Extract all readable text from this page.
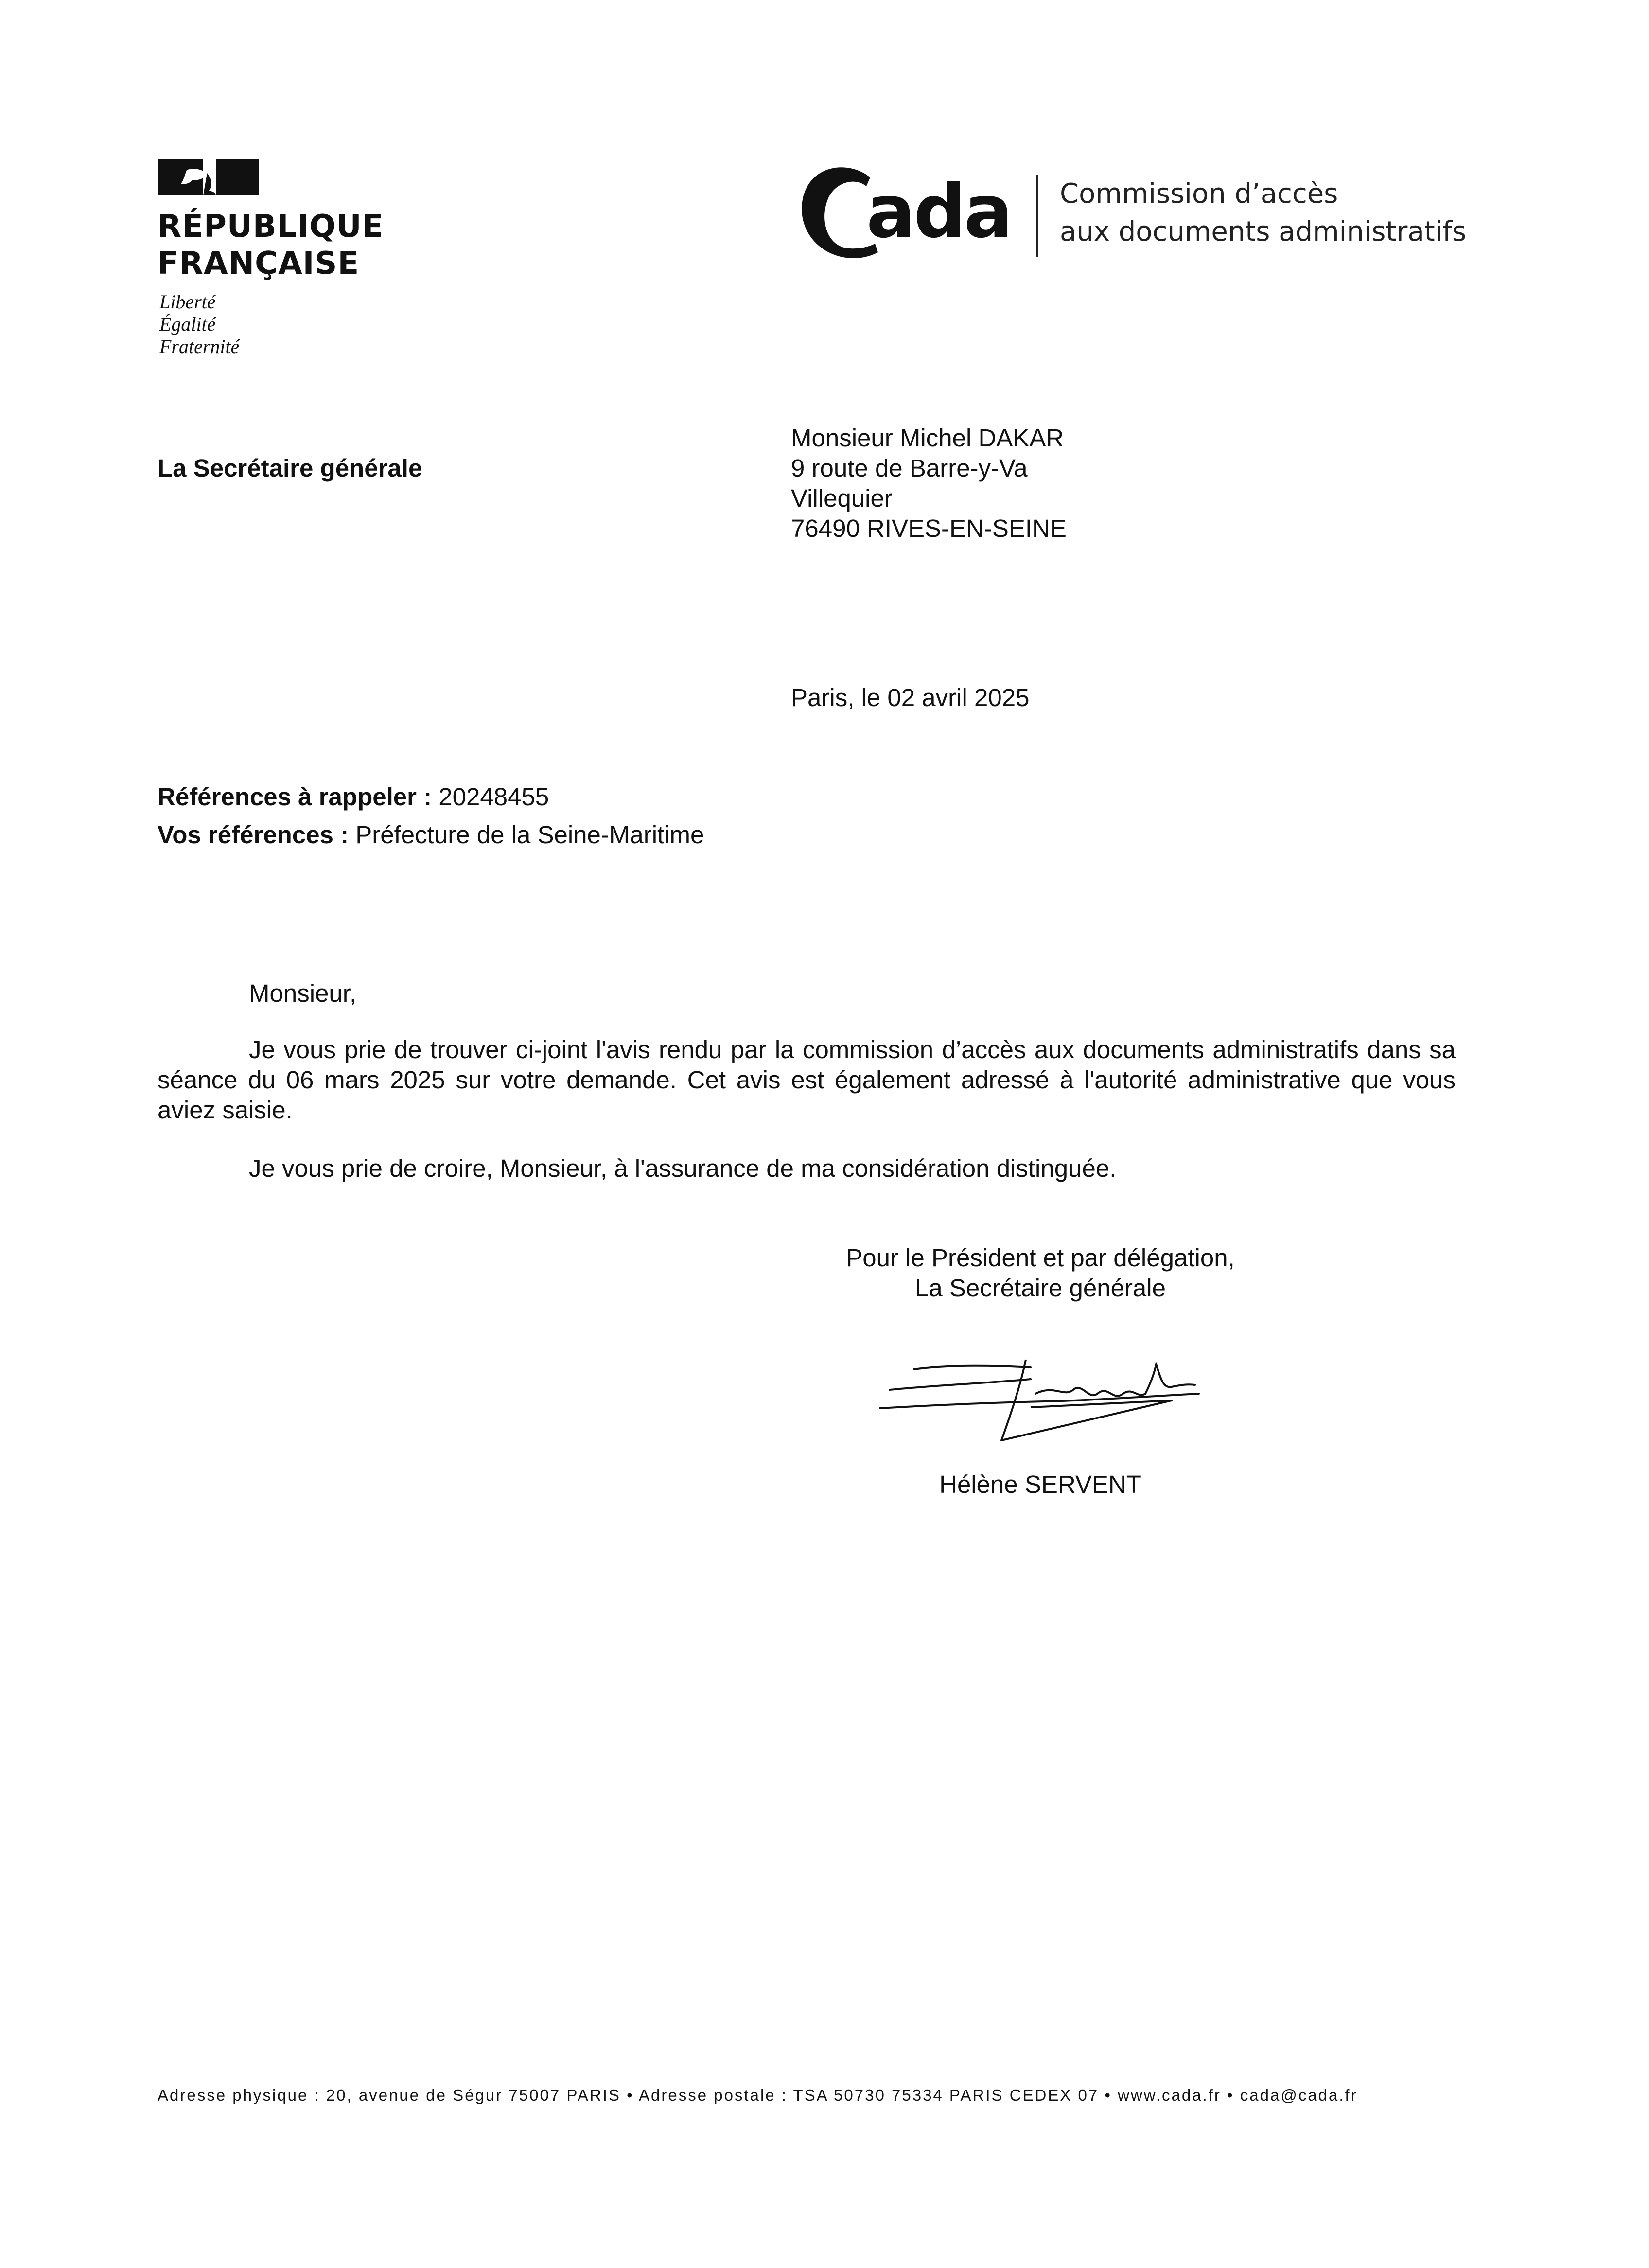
RÉPUBLIQUE
FRANÇAISE
Liberté
Égalité
Fraternité
ada Commission d’accès
aux documents administratifs
La Secrétaire générale
Monsieur Michel DAKAR
9 route de Barre-y-Va
Villequier
76490 RIVES-EN-SEINE
Paris, le 02 avril 2025
Références à rappeler : 20248455
Vos références : Préfecture de la Seine-Maritime
Monsieur,
Je vous prie de trouver ci-joint l'avis rendu par la commission d’accès aux documents administratifs dans sa séance du 06 mars 2025 sur votre demande. Cet avis est également adressé à l'autorité administrative que vous aviez saisie.
Je vous prie de croire, Monsieur, à l'assurance de ma considération distinguée.
Pour le Président et par délégation,
La Secrétaire générale
Hélène SERVENT
Adresse physique : 20, avenue de Ségur 75007 PARIS • Adresse postale : TSA 50730 75334 PARIS CEDEX 07 • www.cada.fr • cada@cada.fr
